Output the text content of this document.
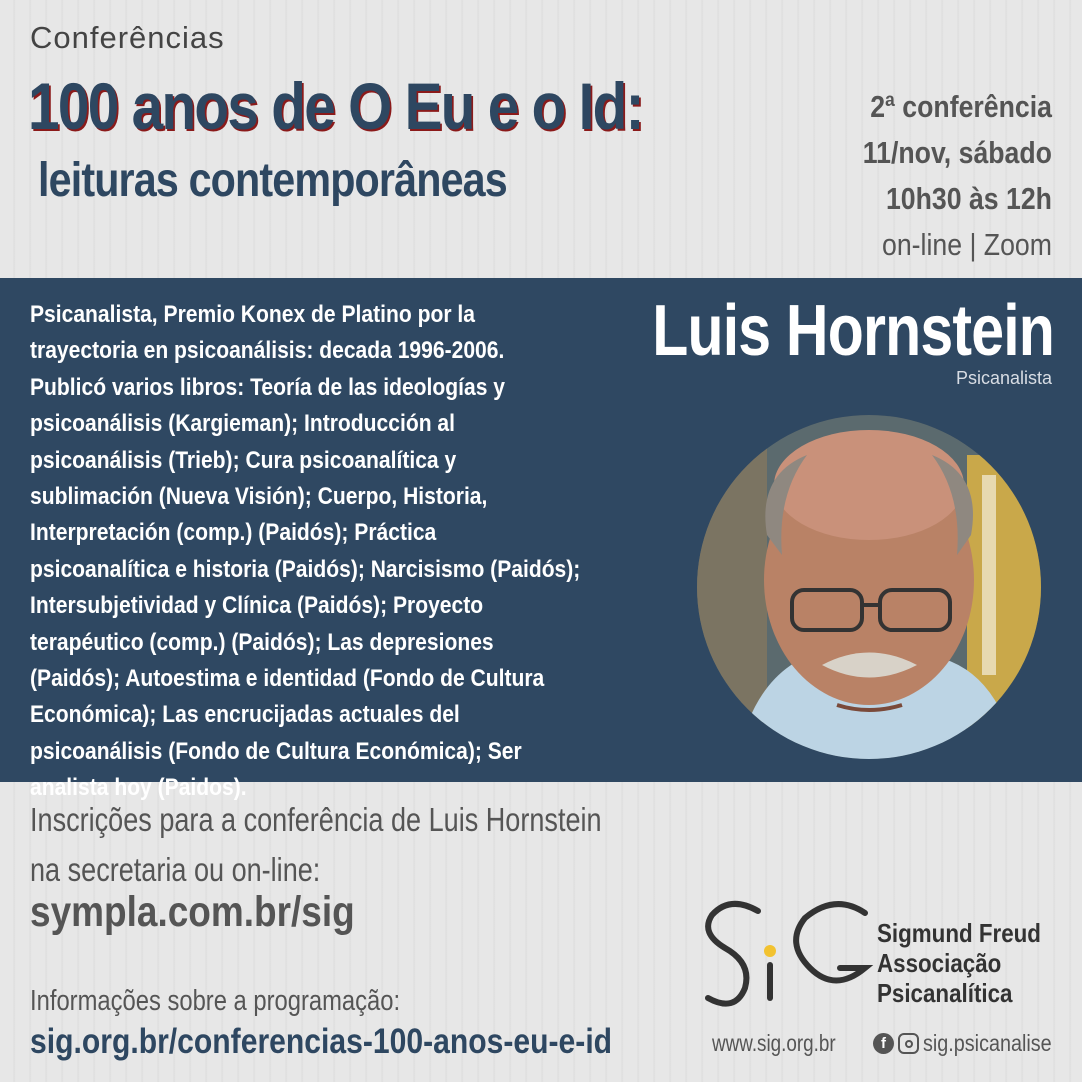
Conferências
100 anos de O Eu e o Id:
leituras contemporâneas
2ª conferência
11/nov, sábado
10h30 às 12h
on-line | Zoom
Psicanalista, Premio Konex de Platino por la trayectoria en psicoanálisis: decada 1996-2006. Publicó varios libros: Teoría de las ideologías y psicoanálisis (Kargieman); Introducción al psicoanálisis (Trieb); Cura psicoanalítica y sublimación (Nueva Visión); Cuerpo, Historia, Interpretación (comp.) (Paidós); Práctica psicoanalítica e historia (Paidós); Narcisismo (Paidós); Intersubjetividad y Clínica (Paidós); Proyecto terapéutico (comp.) (Paidós); Las depresiones (Paidós); Autoestima e identidad (Fondo de Cultura Económica); Las encrucijadas actuales del psicoanálisis (Fondo de Cultura Económica); Ser analista hoy (Paidos).
Luis Hornstein
Psicanalista
Inscrições para a conferência de Luis Hornstein
na secretaria ou on-line:
sympla.com.br/sig
Informações sobre a programação:
sig.org.br/conferencias-100-anos-eu-e-id
Sigmund Freud
Associação
Psicanalítica
www.sig.org.br	f	sig.psicanalise
